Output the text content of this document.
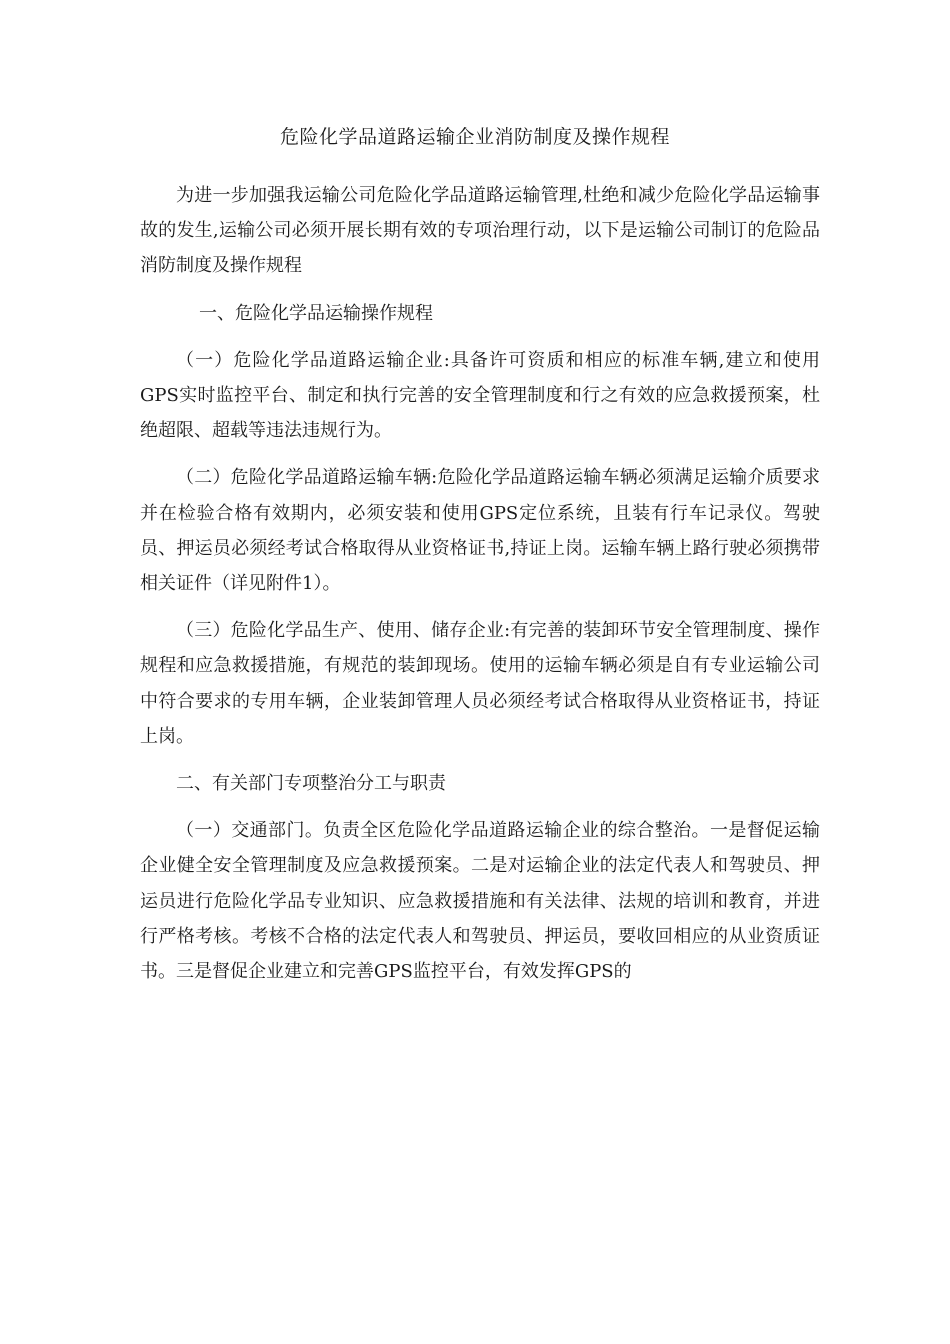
危险化学品道路运输企业消防制度及操作规程

为进一步加强我运输公司危险化学品道路运输管理,杜绝和减少危险化学品运输事故的发生,运输公司必须开展长期有效的专项治理行动，以下是运输公司制订的危险品消防制度及操作规程

一、危险化学品运输操作规程

（一）危险化学品道路运输企业:具备许可资质和相应的标准车辆,建立和使用GPS实时监控平台、制定和执行完善的安全管理制度和行之有效的应急救援预案，杜绝超限、超载等违法违规行为。

（二）危险化学品道路运输车辆:危险化学品道路运输车辆必须满足运输介质要求并在检验合格有效期内，必须安装和使用GPS定位系统，且装有行车记录仪。驾驶员、押运员必须经考试合格取得从业资格证书,持证上岗。运输车辆上路行驶必须携带相关证件（详见附件1）。

（三）危险化学品生产、使用、储存企业:有完善的装卸环节安全管理制度、操作规程和应急救援措施，有规范的装卸现场。使用的运输车辆必须是自有专业运输公司中符合要求的专用车辆，企业装卸管理人员必须经考试合格取得从业资格证书，持证上岗。

二、有关部门专项整治分工与职责

（一）交通部门。负责全区危险化学品道路运输企业的综合整治。一是督促运输企业健全安全管理制度及应急救援预案。二是对运输企业的法定代表人和驾驶员、押运员进行危险化学品专业知识、应急救援措施和有关法律、法规的培训和教育，并进行严格考核。考核不合格的法定代表人和驾驶员、押运员，要收回相应的从业资质证书。三是督促企业建立和完善GPS监控平台，有效发挥GPS的
